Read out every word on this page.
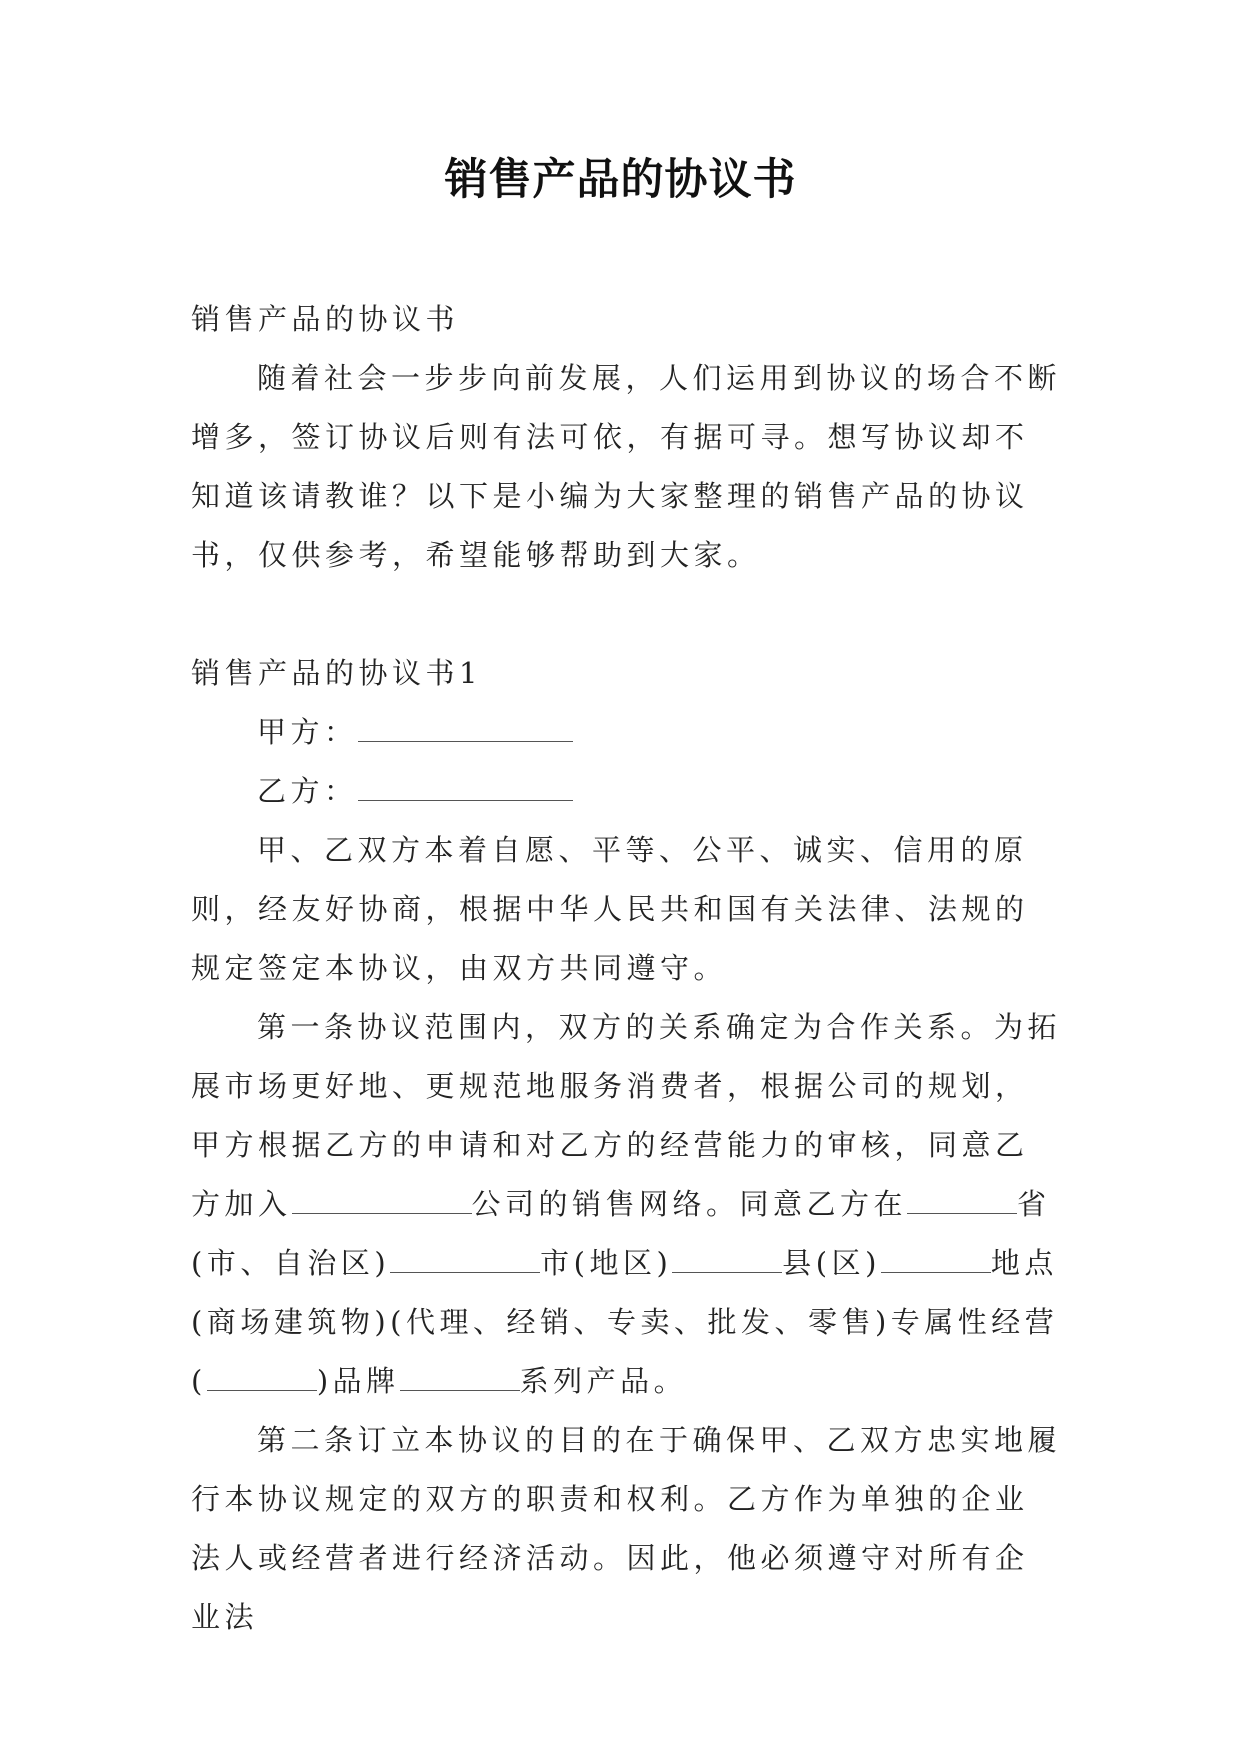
销售产品的协议书

销售产品的协议书

随着社会一步步向前发展，人们运用到协议的场合不断增多，签订协议后则有法可依，有据可寻。想写协议却不知道该请教谁？以下是小编为大家整理的销售产品的协议书，仅供参考，希望能够帮助到大家。

销售产品的协议书1

甲方：

乙方：

甲、乙双方本着自愿、平等、公平、诚实、信用的原则，经友好协商，根据中华人民共和国有关法律、法规的规定签定本协议，由双方共同遵守。

第一条协议范围内，双方的关系确定为合作关系。为拓展市场更好地、更规范地服务消费者，根据公司的规划，甲方根据乙方的申请和对乙方的经营能力的审核，同意乙方加入	公司的销售网络。同意乙方在	省(市、自治区)	市(地区)	县(区)	地点(商场建筑物)(代理、经销、专卖、批发、零售)专属性经营(	)品牌	系列产品。

第二条订立本协议的目的在于确保甲、乙双方忠实地履行本协议规定的双方的职责和权利。乙方作为单独的企业法人或经营者进行经济活动。因此，他必须遵守对所有企业法
